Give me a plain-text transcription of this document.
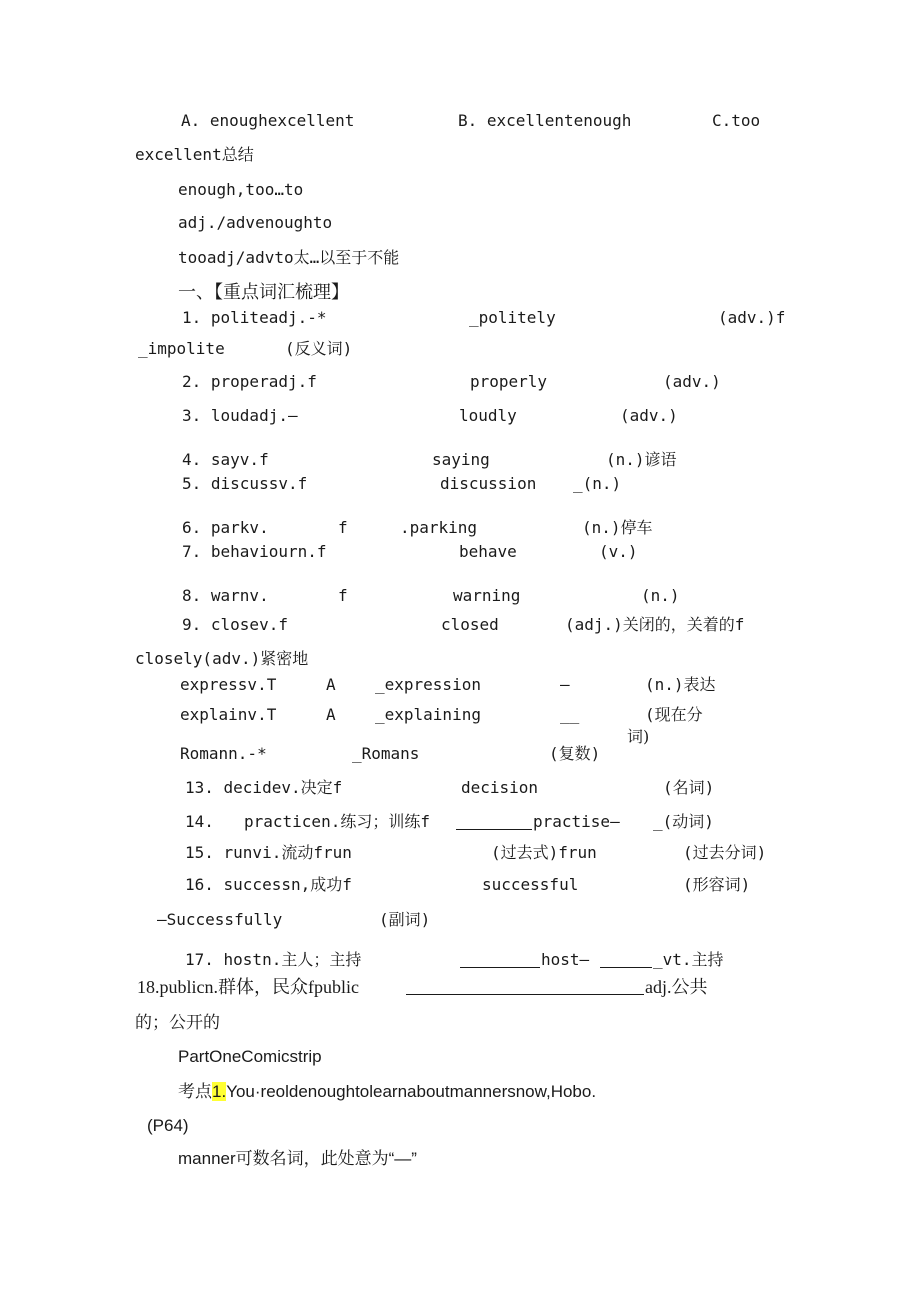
A. enoughexcellent	B. excellentenough	C.too
excellent总结
enough,too…to
adj./advenoughto
tooadj/advto太…以至于不能
一、【重点词汇梳理】
1. politeadj.-*	_politely	(adv.)f
_impolite	(反义词)
2. properadj.f	properly	(adv.)
3. loudadj.—	loudly	(adv.)
4. sayv.f	saying	(n.)谚语
5. discussv.f	discussion _(n.)
6. parkv.	f	.parking	(n.)停车
7. behaviourn.f	behave	(v.)
8. warnv.	f	warning	(n.)
9. closev.f	closed	(adj.)关闭的，关着的f
closely(adv.)紧密地
expressv.T	A _expression	—	(n.)表达
explainv.T	A _explaining	__	(现在分
词)
Romann.-*	_Romans	(复数)
13. decidev.决定f	decision	(名词)
14. practicen.练习；训练f	practise— _(动词)
15. runvi.流动frun	(过去式)frun	(过去分词)
16. successn,成功f	successful	(形容词)
—Successfully	(副词)
17. hostn.主人；主持	host—	_vt.主持
18.publicn.群体，民众fpublic	adj.公共
的；公开的
PartOneComicstrip
考点1.You·reoldenoughtolearnaboutmannersnow,Hobo.
(P64)
manner可数名词，此处意为“—”
